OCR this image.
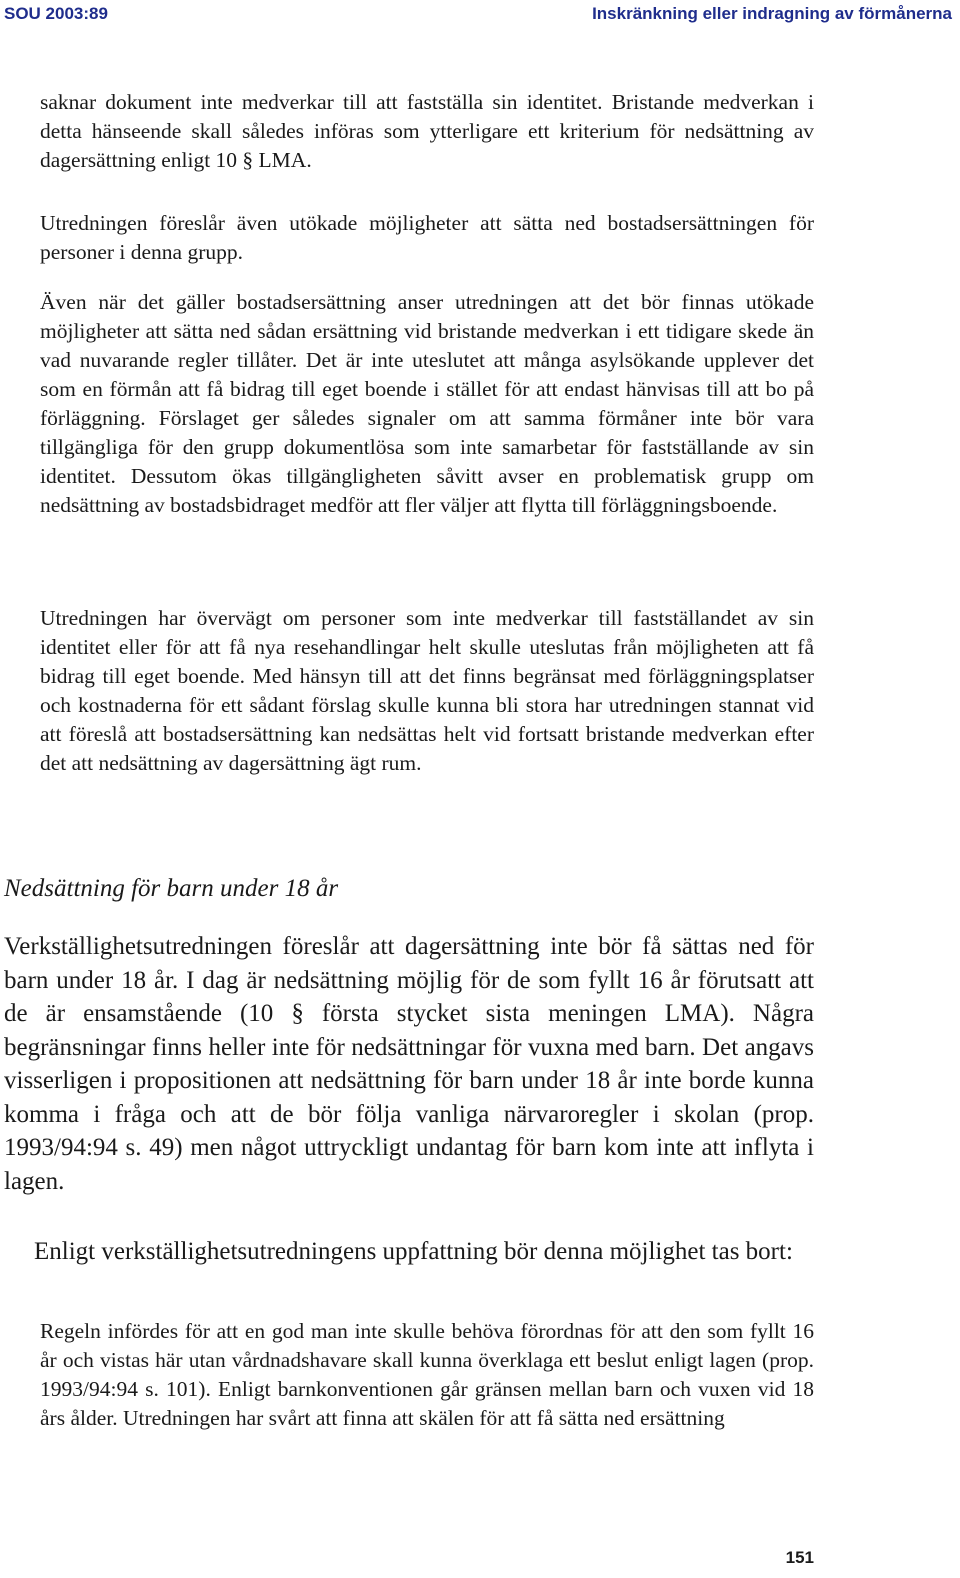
SOU 2003:89	Inskränkning eller indragning av förmånerna

saknar dokument inte medverkar till att fastställa sin identitet. Bristande medverkan i detta hänseende skall således införas som ytterligare ett kriterium för nedsättning av dagersättning enligt 10 § LMA.

Utredningen föreslår även utökade möjligheter att sätta ned bostadsersättningen för personer i denna grupp.

Även när det gäller bostadsersättning anser utredningen att det bör finnas utökade möjligheter att sätta ned sådan ersättning vid bristande medverkan i ett tidigare skede än vad nuvarande regler tillåter. Det är inte uteslutet att många asylsökande upplever det som en förmån att få bidrag till eget boende i stället för att endast hänvisas till att bo på förläggning. Förslaget ger således signaler om att samma förmåner inte bör vara tillgängliga för den grupp dokumentlösa som inte samarbetar för fastställande av sin identitet. Dessutom ökas tillgängligheten såvitt avser en problematisk grupp om nedsättning av bostadsbidraget medför att fler väljer att flytta till förläggningsboende.

Utredningen har övervägt om personer som inte medverkar till fastställandet av sin identitet eller för att få nya resehandlingar helt skulle uteslutas från möjligheten att få bidrag till eget boende. Med hänsyn till att det finns begränsat med förläggningsplatser och kostnaderna för ett sådant förslag skulle kunna bli stora har utredningen stannat vid att föreslå att bostadsersättning kan nedsättas helt vid fortsatt bristande medverkan efter det att nedsättning av dagersättning ägt rum.

Nedsättning för barn under 18 år

Verkställighetsutredningen föreslår att dagersättning inte bör få sättas ned för barn under 18 år. I dag är nedsättning möjlig för de som fyllt 16 år förutsatt att de är ensamstående (10 § första stycket sista meningen LMA). Några begränsningar finns heller inte för nedsättningar för vuxna med barn. Det angavs visserligen i propositionen att nedsättning för barn under 18 år inte borde kunna komma i fråga och att de bör följa vanliga närvaroregler i skolan (prop. 1993/94:94 s. 49) men något uttryckligt undantag för barn kom inte att inflyta i lagen.

Enligt verkställighetsutredningens uppfattning bör denna möjlighet tas bort:

Regeln infördes för att en god man inte skulle behöva förordnas för att den som fyllt 16 år och vistas här utan vårdnadshavare skall kunna överklaga ett beslut enligt lagen (prop. 1993/94:94 s. 101). Enligt barnkonventionen går gränsen mellan barn och vuxen vid 18 års ålder. Utredningen har svårt att finna att skälen för att få sätta ned ersättning

151
